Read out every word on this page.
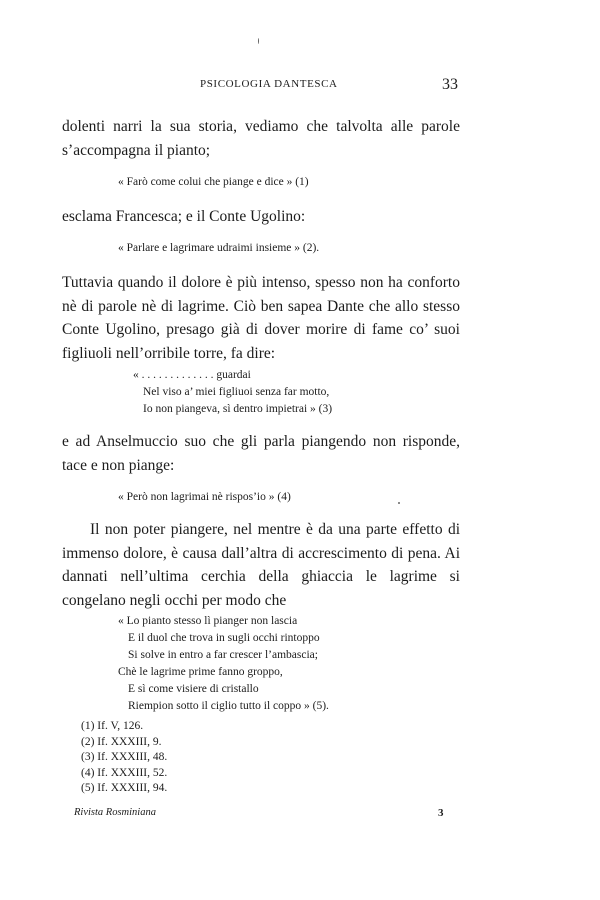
PSICOLOGIA DANTESCA	33

dolenti narri la sua storia, vediamo che talvolta alle parole s’accompagna il pianto;

« Farò come colui che piange e dice » (1)

esclama Francesca; e il Conte Ugolino:

« Parlare e lagrimare udraimi insieme » (2).

Tuttavia quando il dolore è più intenso, spesso non ha conforto nè di parole nè di lagrime. Ciò ben sapea Dante che allo stesso Conte Ugolino, presago già di dover morire di fame co’ suoi figliuoli nell’orribile torre, fa dire:

« . . . . . . . . . . . . . guardai
Nel viso a’ miei figliuoi senza far motto,
Io non piangeva, sì dentro impietrai » (3)

e ad Anselmuccio suo che gli parla piangendo non risponde, tace e non piange:

« Però non lagrimai nè rispos’io » (4)

Il non poter piangere, nel mentre è da una parte effetto di immenso dolore, è causa dall’altra di accrescimento di pena. Ai dannati nell’ultima cerchia della ghiaccia le lagrime si congelano negli occhi per modo che

« Lo pianto stesso lì pianger non lascia
E il duol che trova in sugli occhi rintoppo
Si solve in entro a far crescer l’ambascia;
Chè le lagrime prime fanno groppo,
E sì come visiere di cristallo
Riempion sotto il ciglio tutto il coppo » (5).
(1) If. V, 126.
(2) If. XXXIII, 9.
(3) If. XXXIII, 48.
(4) If. XXXIII, 52.
(5) If. XXXIII, 94.
Rivista Rosminiana	3
